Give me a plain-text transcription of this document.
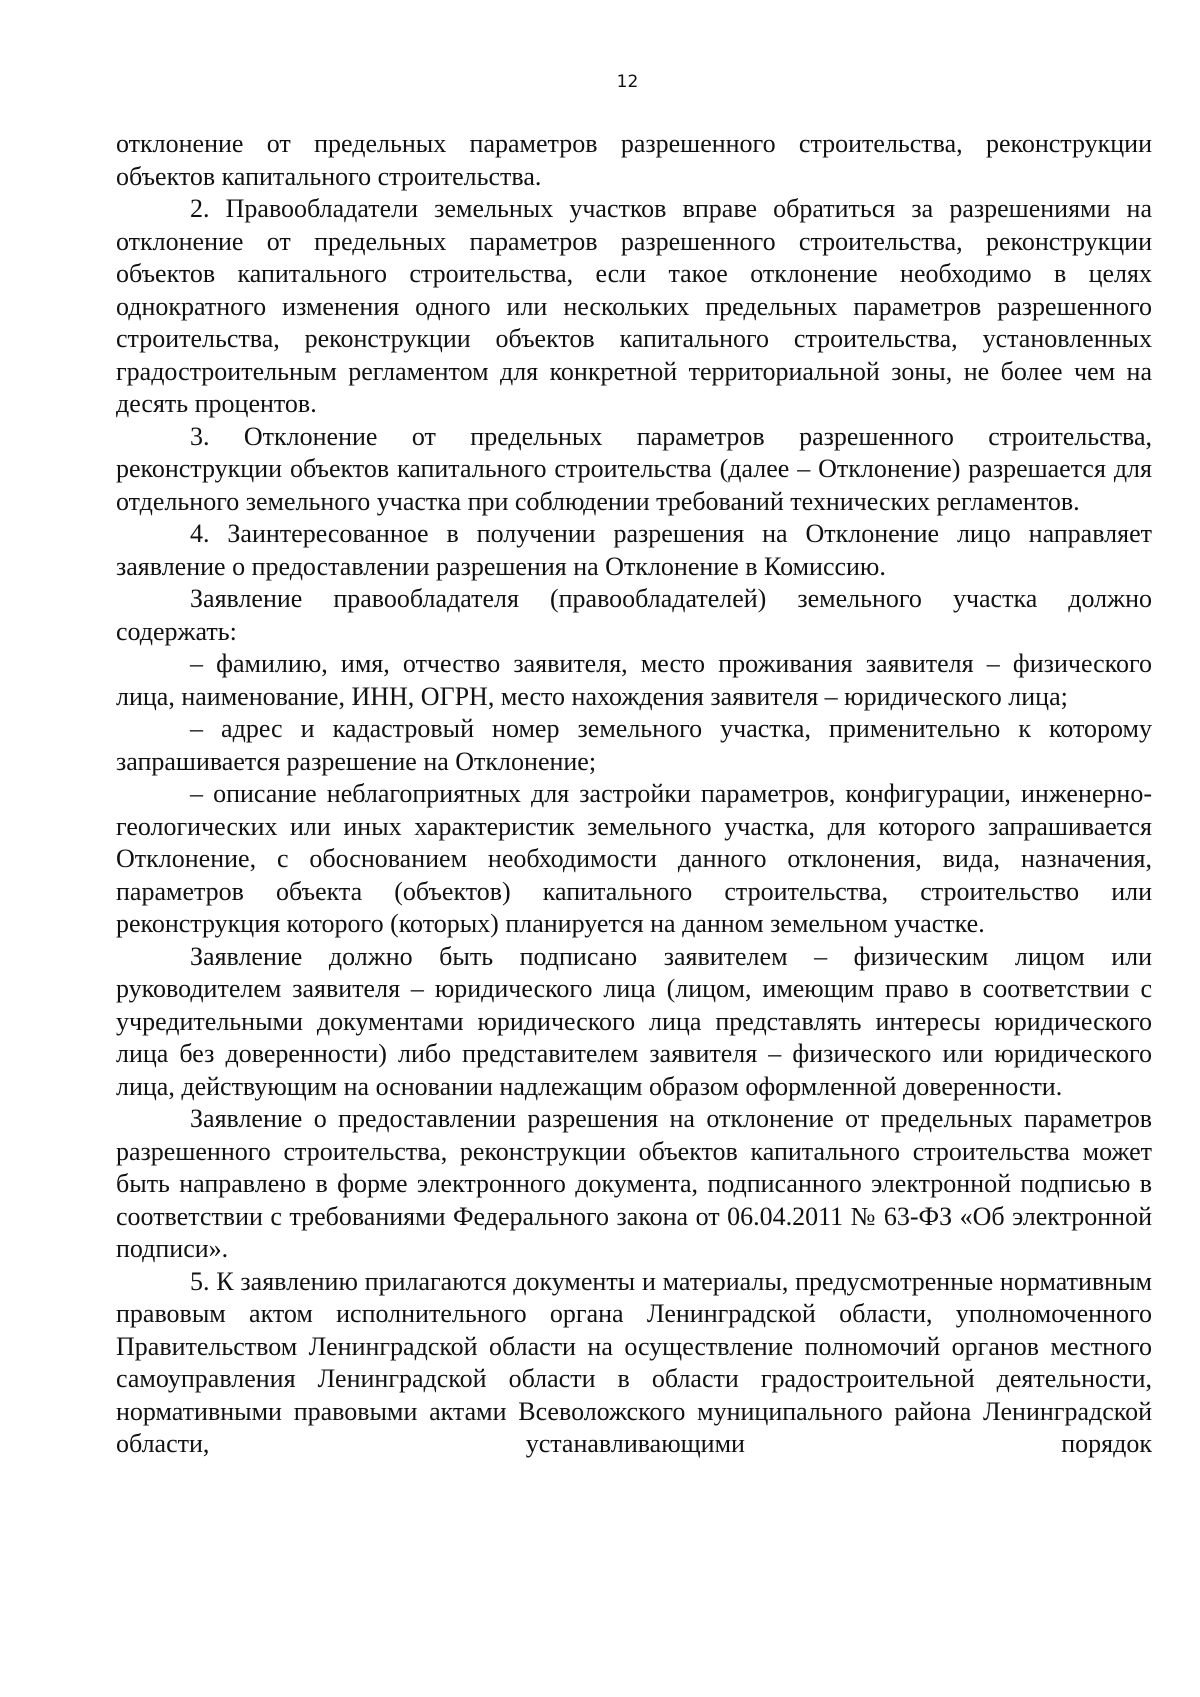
12

отклонение от предельных параметров разрешенного строительства, реконструкции объектов капитального строительства.

2. Правообладатели земельных участков вправе обратиться за разрешениями на отклонение от предельных параметров разрешенного строительства, реконструкции объектов капитального строительства, если такое отклонение необходимо в целях однократного изменения одного или нескольких предельных параметров разрешенного строительства, реконструкции объектов капитального строительства, установленных градостроительным регламентом для конкретной территориальной зоны, не более чем на десять процентов.

3. Отклонение от предельных параметров разрешенного строительства, реконструкции объектов капитального строительства (далее – Отклонение) разрешается для отдельного земельного участка при соблюдении требований технических регламентов.

4. Заинтересованное в получении разрешения на Отклонение лицо направляет заявление о предоставлении разрешения на Отклонение в Комиссию.

Заявление правообладателя (правообладателей) земельного участка должно содержать:

– фамилию, имя, отчество заявителя, место проживания заявителя – физического лица, наименование, ИНН, ОГРН, место нахождения заявителя – юридического лица;

– адрес и кадастровый номер земельного участка, применительно к которому запрашивается разрешение на Отклонение;

– описание неблагоприятных для застройки параметров, конфигурации, инженерно-геологических или иных характеристик земельного участка, для которого запрашивается Отклонение, с обоснованием необходимости данного отклонения, вида, назначения, параметров объекта (объектов) капитального строительства, строительство или реконструкция которого (которых) планируется на данном земельном участке.

Заявление должно быть подписано заявителем – физическим лицом или руководителем заявителя – юридического лица (лицом, имеющим право в соответствии с учредительными документами юридического лица представлять интересы юридического лица без доверенности) либо представителем заявителя – физического или юридического лица, действующим на основании надлежащим образом оформленной доверенности.

Заявление о предоставлении разрешения на отклонение от предельных параметров разрешенного строительства, реконструкции объектов капитального строительства может быть направлено в форме электронного документа, подписанного электронной подписью в соответствии с требованиями Федерального закона от 06.04.2011 № 63-ФЗ «Об электронной подписи».

5. К заявлению прилагаются документы и материалы, предусмотренные нормативным правовым актом исполнительного органа Ленинградской области, уполномоченного Правительством Ленинградской области на осуществление полномочий органов местного самоуправления Ленинградской области в области градостроительной деятельности, нормативными правовыми актами Всеволожского муниципального района Ленинградской области, устанавливающими порядок
